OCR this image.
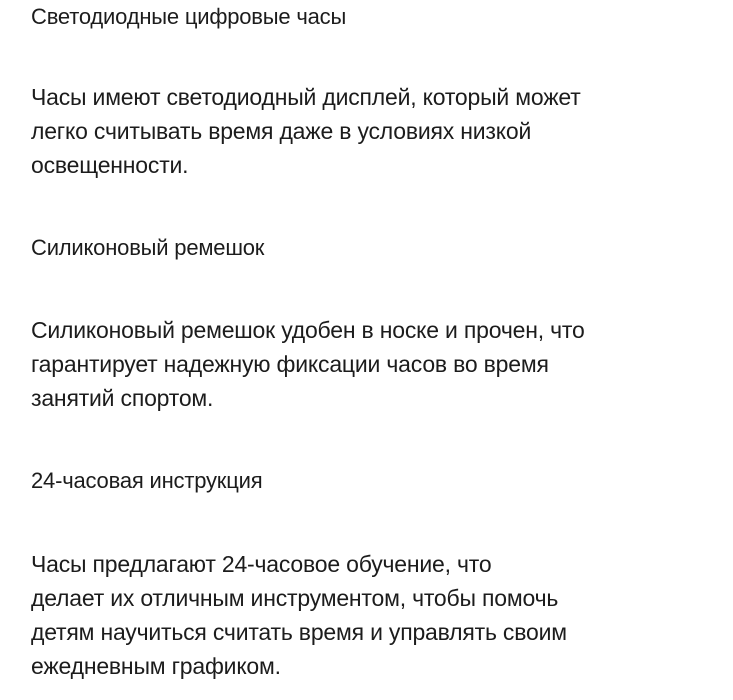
Светодиодные цифровые часы
Часы имеют светодиодный дисплей, который может
легко считывать время даже в условиях низкой
освещенности.
Силиконовый ремешок
Силиконовый ремешок удобен в носке и прочен, что
гарантирует надежную фиксации часов во время
занятий спортом.
24-часовая инструкция
Часы предлагают 24-часовое обучение, что
делает их отличным инструментом, чтобы помочь
детям научиться считать время и управлять своим
ежедневным графиком.
